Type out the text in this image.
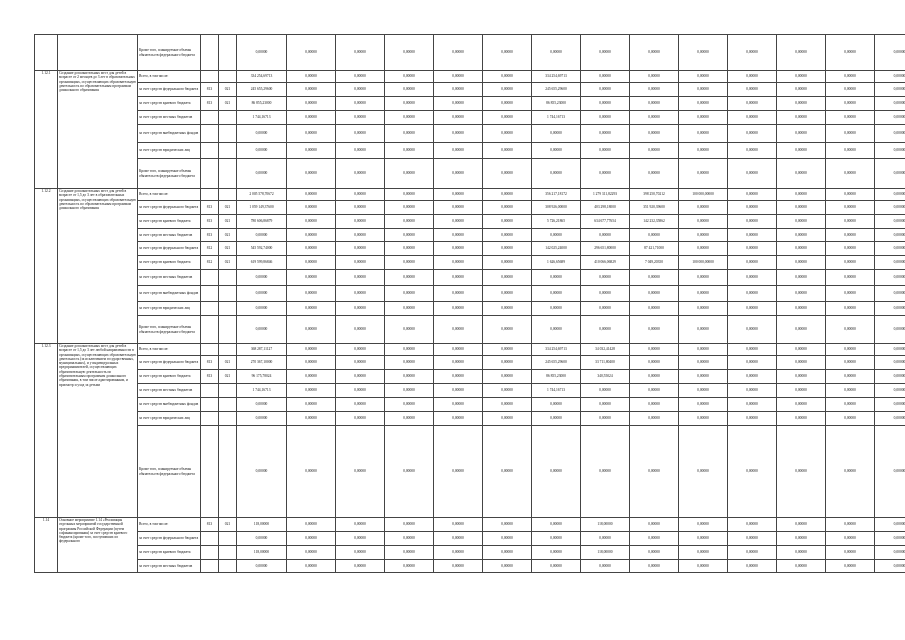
		Кроме того, планируемые объемы обязательств федерального бюджета			0,00000	0,00000	0,00000	0,00000	0,00000	0,00000	0,00000	0,00000	0,00000	0,00000	0,00000	0,00000	0,00000	0,00000
1.12.1	Создание дополнительных мест для детей в возрасте от 2 месяцев до 3 лет в образовательных организациях, осуществляющих образовательную деятельность по образовательным программам дошкольного образования	Всего, в том числе:			334 254,69713	0,00000	0,00000	0,00000	0,00000	0,00000	334 254,69713	0,00000	0,00000	0,00000	0,00000	0,00000	0,00000	0,00000
		за счет средств федерального бюджета	813	021	245 655,29600	0,00000	0,00000	0,00000	0,00000	0,00000	245 655,29600	0,00000	0,00000	0,00000	0,00000	0,00000	0,00000	0,00000
		за счет средств краевого бюджета	813	021	86 855,23000	0,00000	0,00000	0,00000	0,00000	0,00000	86 855,23000	0,00000	0,00000	0,00000	0,00000	0,00000	0,00000	0,00000
		за счет средств местных бюджетов			1 744,16713	0,00000	0,00000	0,00000	0,00000	0,00000	1 744,16713	0,00000	0,00000	0,00000	0,00000	0,00000	0,00000	0,00000
		за счет средств внебюджетных фондов			0,00000	0,00000	0,00000	0,00000	0,00000	0,00000	0,00000	0,00000	0,00000	0,00000	0,00000	0,00000	0,00000	0,00000
		за счет средств юридических лиц			0,00000	0,00000	0,00000	0,00000	0,00000	0,00000	0,00000	0,00000	0,00000	0,00000	0,00000	0,00000	0,00000	0,00000
		Кроме того, планируемые объемы обязательств федерального бюджета			0,00000	0,00000	0,00000	0,00000	0,00000	0,00000	0,00000	0,00000	0,00000	0,00000	0,00000	0,00000	0,00000	0,00000
1.12.2	Создание дополнительных мест для детей в возрасте от 1,5 до 3 лет в образовательных организациях, осуществляющих образовательную деятельность по образовательным программам дошкольного образования	Всего, в том числе:			2 005 578,70672	0,00000	0,00000	0,00000	0,00000	0,00000	356 217,18172	1 279 311,82293	398 250,70212	100 000,00000	0,00000	0,00000	0,00000	0,00000
		за счет средств федерального бюджета	813	021	1 059 149,37600	0,00000	0,00000	0,00000	0,00000	0,00000	308 926,00000	403 298,18000	351 920,39600	0,00000	0,00000	0,00000	0,00000	0,00000
		за счет средств краевого бюджета	813	021	780 606,86879	0,00000	0,00000	0,00000	0,00000	0,00000	5 726,21865	634 677,77654	142 232,35862	0,00000	0,00000	0,00000	0,00000	0,00000
		за счет средств местных бюджетов	813	021	0,00000	0,00000	0,00000	0,00000	0,00000	0,00000	0,00000	0,00000	0,00000	0,00000	0,00000	0,00000	0,00000	0,00000
		за счет средств федерального бюджета	812	021	545 592,74000	0,00000	0,00000	0,00000	0,00000	0,00000	142 025,24000	296 651,80000	87 421,71000	0,00000	0,00000	0,00000	0,00000	0,00000
		за счет средств краевого бюджета	812	021	619 599,86846	0,00000	0,00000	0,00000	0,00000	0,00000	1 626,65689	410 066,06829	7 049,20350	100 000,00000	0,00000	0,00000	0,00000	0,00000
		за счет средств местных бюджетов			0,00000	0,00000	0,00000	0,00000	0,00000	0,00000	0,00000	0,00000	0,00000	0,00000	0,00000	0,00000	0,00000	0,00000
		за счет средств внебюджетных фондов			0,00000	0,00000	0,00000	0,00000	0,00000	0,00000	0,00000	0,00000	0,00000	0,00000	0,00000	0,00000	0,00000	0,00000
		за счет средств юридических лиц			0,00000	0,00000	0,00000	0,00000	0,00000	0,00000	0,00000	0,00000	0,00000	0,00000	0,00000	0,00000	0,00000	0,00000
		Кроме того, планируемые объемы обязательств федерального бюджета			0,00000	0,00000	0,00000	0,00000	0,00000	0,00000	0,00000	0,00000	0,00000	0,00000	0,00000	0,00000	0,00000	0,00000
1.12.3	Создание дополнительных мест для детей в возрасте от 1,5 до 3 лет любой направленности в организациях, осуществляющих образовательную деятельность (за исключением государственных, муниципальных), и у индивидуальных предпринимателей, осуществляющих образовательную деятельность по образовательным программам дошкольного образования, в том числе адаптированным, и присмотр и уход за детьми	Всего, в том числе:			368 287,11127	0,00000	0,00000	0,00000	0,00000	0,00000	334 254,69713	34 032,41428	0,00000	0,00000	0,00000	0,00000	0,00000	0,00000
		за счет средств федерального бюджета	813	021	270 367,10000	0,00000	0,00000	0,00000	0,00000	0,00000	245 655,29600	33 711,80400	0,00000	0,00000	0,00000	0,00000	0,00000	0,00000
		за счет средств краевого бюджета	813	021	96 175,78024	0,00000	0,00000	0,00000	0,00000	0,00000	86 855,23000	340,55024	0,00000	0,00000	0,00000	0,00000	0,00000	0,00000
		за счет средств местных бюджетов			1 744,16713	0,00000	0,00000	0,00000	0,00000	0,00000	1 744,16713	0,00000	0,00000	0,00000	0,00000	0,00000	0,00000	0,00000
		за счет средств внебюджетных фондов			0,00000	0,00000	0,00000	0,00000	0,00000	0,00000	0,00000	0,00000	0,00000	0,00000	0,00000	0,00000	0,00000	0,00000
		за счет средств юридических лиц			0,00000	0,00000	0,00000	0,00000	0,00000	0,00000	0,00000	0,00000	0,00000	0,00000	0,00000	0,00000	0,00000	0,00000
		Кроме того, планируемые объемы обязательств федерального бюджета			0,00000	0,00000	0,00000	0,00000	0,00000	0,00000	0,00000	0,00000	0,00000	0,00000	0,00000	0,00000	0,00000	0,00000
1.14	Основное мероприятие 1.14 «Реализация отдельных мероприятий государственной программы Российской Федерации (путем софинансирования) за счет средств краевого бюджета (кроме того, поступивших из федерального	Всего, в том числе:	813	021	118,00000	0,00000	0,00000	0,00000	0,00000	0,00000	0,00000	118,00000	0,00000	0,00000	0,00000	0,00000	0,00000	0,00000
		за счет средств федерального бюджета			0,00000	0,00000	0,00000	0,00000	0,00000	0,00000	0,00000	0,00000	0,00000	0,00000	0,00000	0,00000	0,00000	0,00000
		за счет средств краевого бюджета			118,00000	0,00000	0,00000	0,00000	0,00000	0,00000	0,00000	118,00000	0,00000	0,00000	0,00000	0,00000	0,00000	0,00000
		за счет средств местных бюджетов			0,00000	0,00000	0,00000	0,00000	0,00000	0,00000	0,00000	0,00000	0,00000	0,00000	0,00000	0,00000	0,00000	0,00000
